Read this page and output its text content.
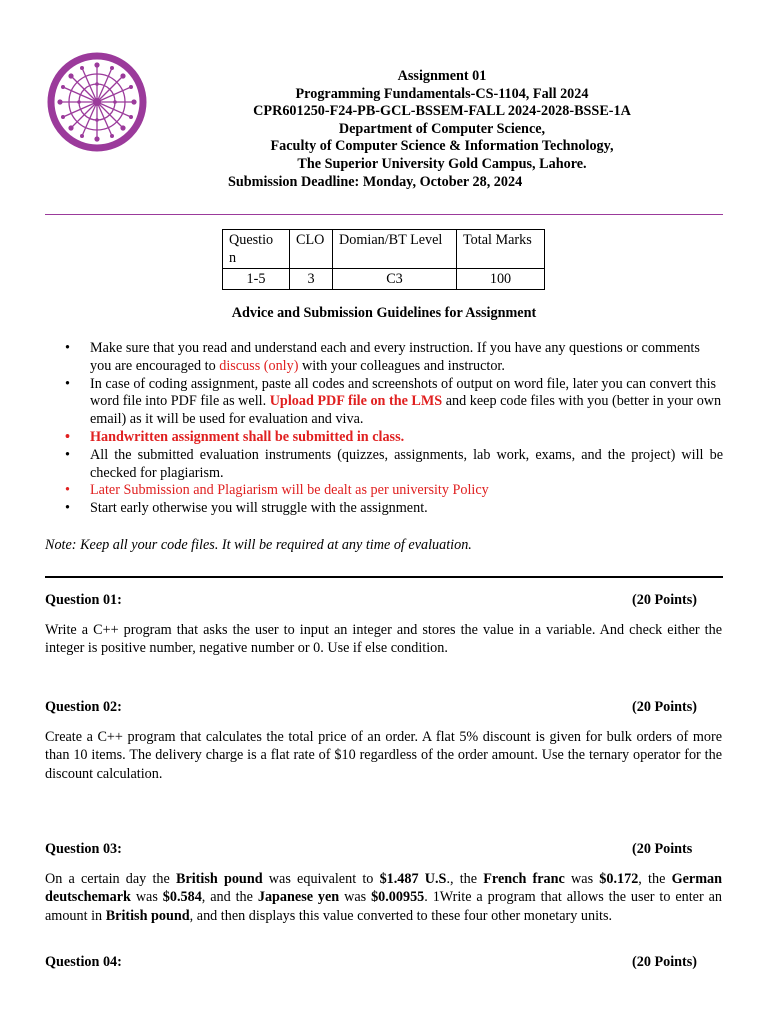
Assignment 01
Programming Fundamentals-CS-1104, Fall 2024
CPR601250-F24-PB-GCL-BSSEM-FALL 2024-2028-BSSE-1A
Department of Computer Science,
Faculty of Computer Science & Information Technology,
The Superior University Gold Campus, Lahore.
Submission Deadline: Monday, October 28, 2024
Questio n	CLO	Domian/BT Level	Total Marks
1-5	3	C3	100
Advice and Submission Guidelines for Assignment
• Make sure that you read and understand each and every instruction. If you have any questions or comments you are encouraged to discuss (only) with your colleagues and instructor.
• In case of coding assignment, paste all codes and screenshots of output on word file, later you can convert this word file into PDF file as well. Upload PDF file on the LMS and keep code files with you (better in your own email) as it will be used for evaluation and viva.
• Handwritten assignment shall be submitted in class.
• All the submitted evaluation instruments (quizzes, assignments, lab work, exams, and the project) will be checked for plagiarism.
• Later Submission and Plagiarism will be dealt as per university Policy
• Start early otherwise you will struggle with the assignment.
Note: Keep all your code files. It will be required at any time of evaluation.
Question 01:	(20 Points)
Write a C++ program that asks the user to input an integer and stores the value in a variable. And check either the integer is positive number, negative number or 0. Use if else condition.
Question 02:	(20 Points)
Create a C++ program that calculates the total price of an order. A flat 5% discount is given for bulk orders of more than 10 items. The delivery charge is a flat rate of $10 regardless of the order amount. Use the ternary operator for the discount calculation.
Question 03:	(20 Points
On a certain day the British pound was equivalent to $1.487 U.S., the French franc was $0.172, the German deutschemark was $0.584, and the Japanese yen was $0.00955. 1Write a program that allows the user to enter an amount in British pound, and then displays this value converted to these four other monetary units.
Question 04:	(20 Points)
